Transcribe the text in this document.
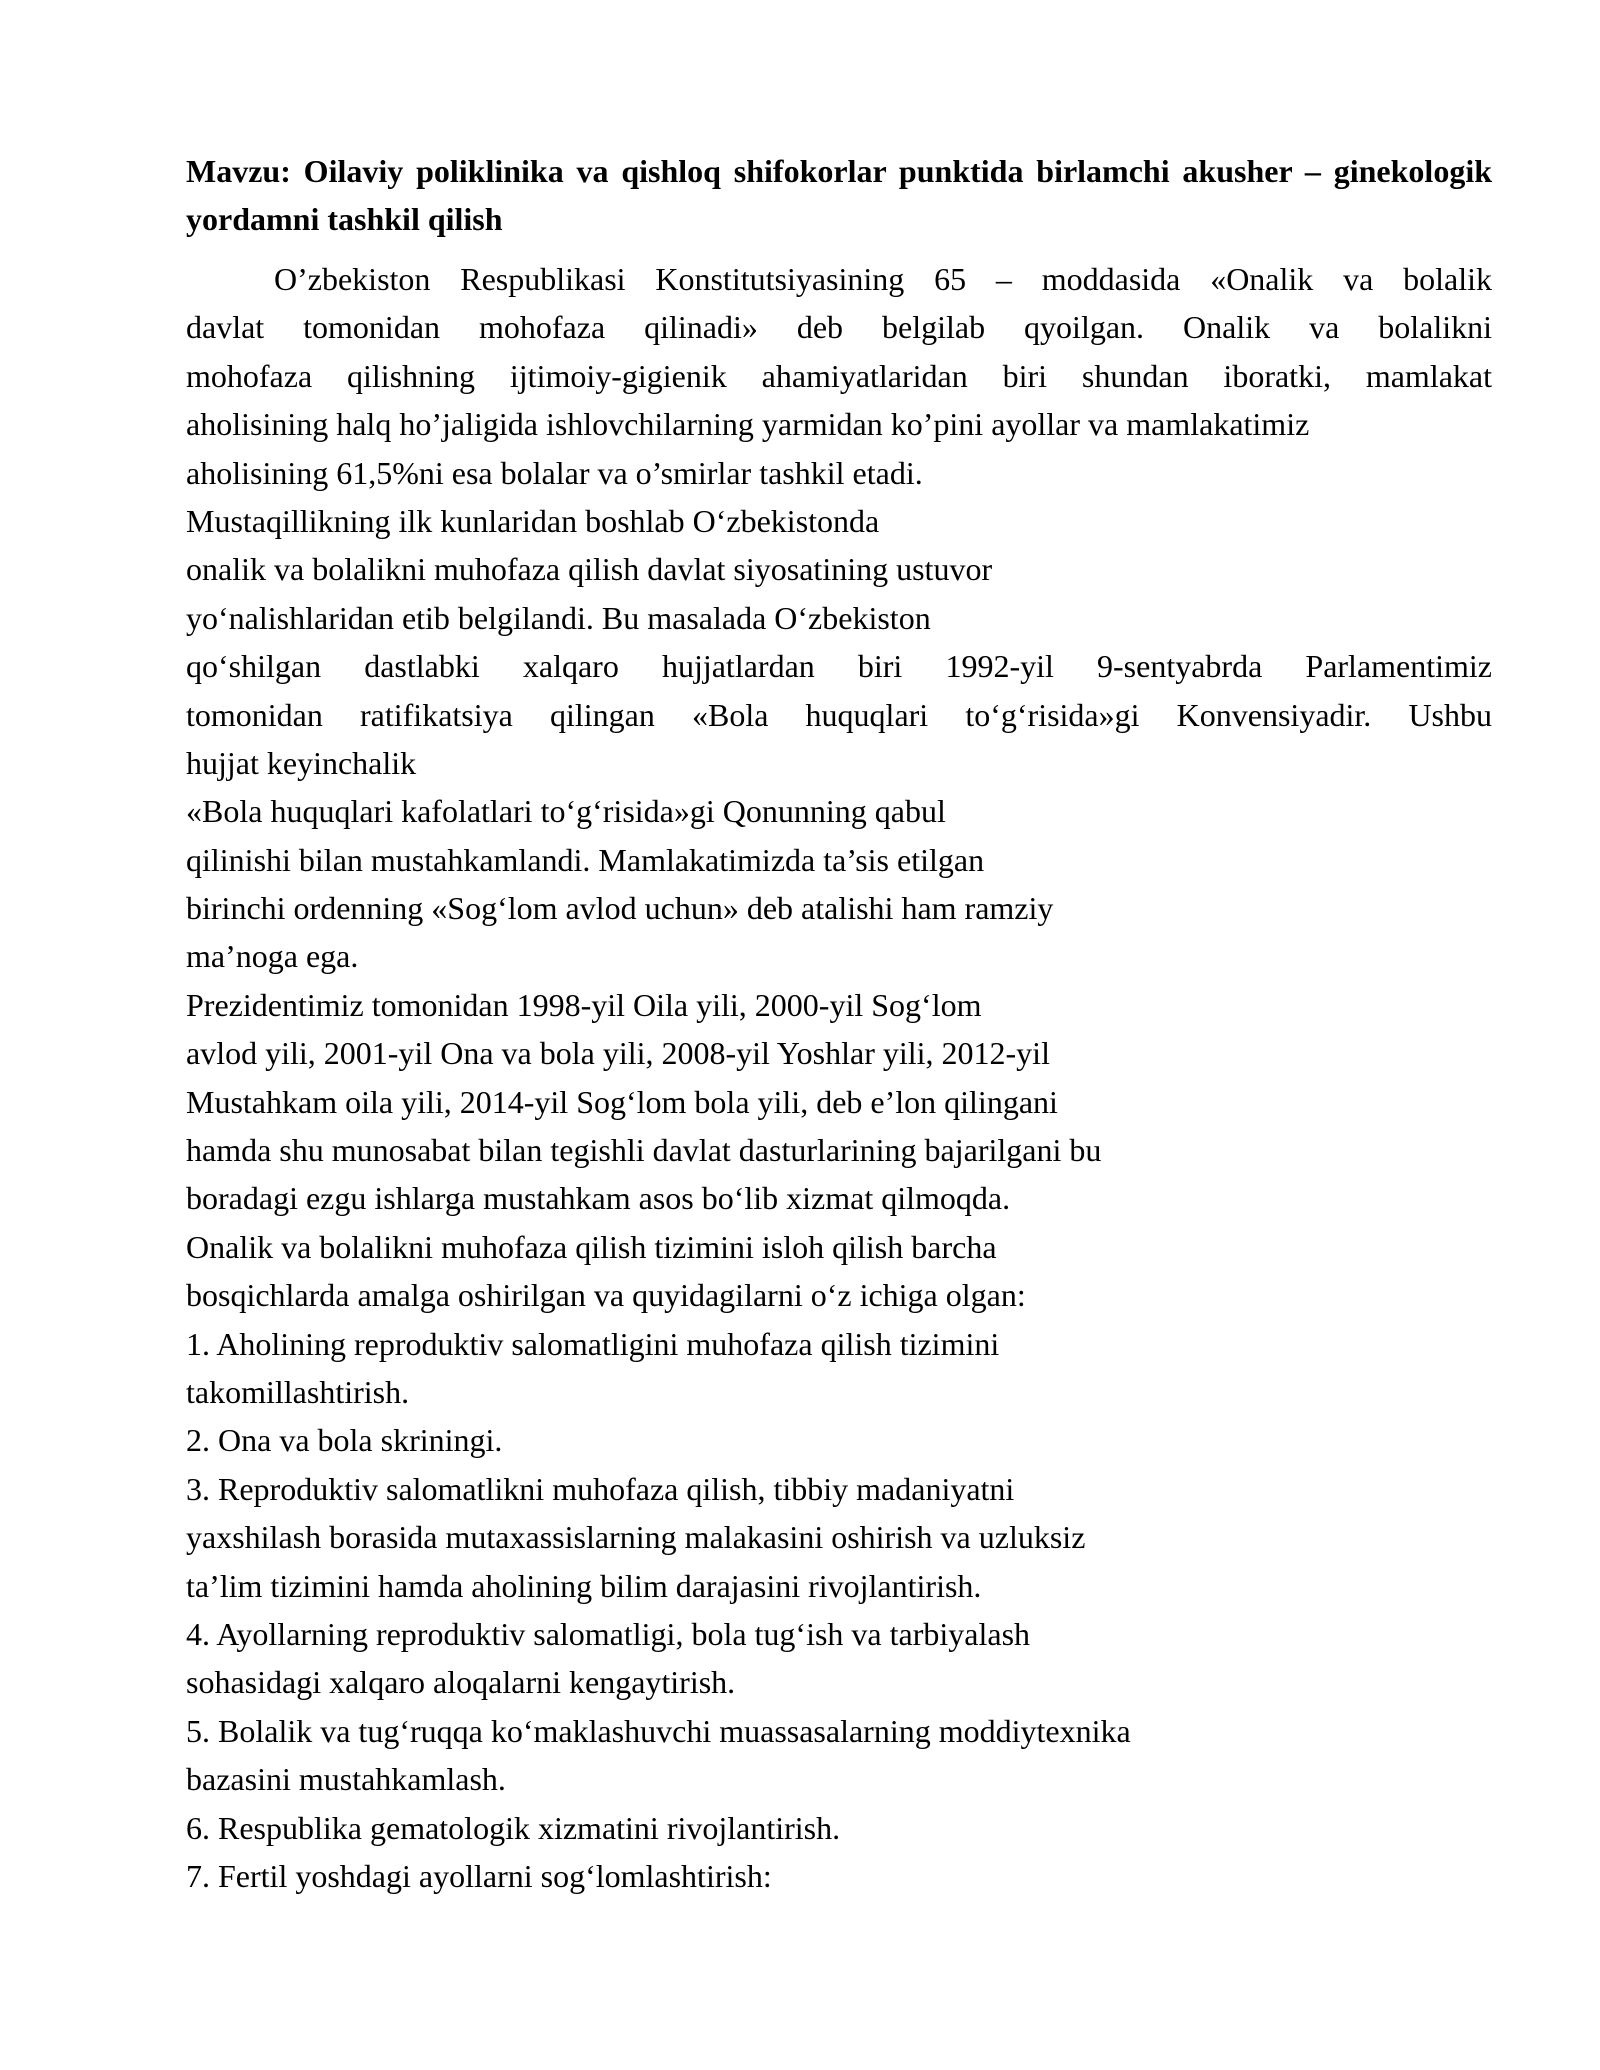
Mavzu: Oilaviy poliklinika va qishloq shifokorlar punktida birlamchi akusher – ginekologik yordamni tashkil qilish
O’zbekiston Respublikasi Konstitutsiyasining 65 – moddasida «Onalik va bolalik
davlat tomonidan mohofaza qilinadi» deb belgilab qyoilgan. Onalik va bolalikni
mohofaza qilishning ijtimoiy-gigienik ahamiyatlaridan biri shundan iboratki, mamlakat
aholisining halq ho’jaligida ishlovchilarning yarmidan ko’pini ayollar va mamlakatimiz
aholisining 61,5%ni esa bolalar va o’smirlar tashkil etadi.
Mustaqillikning ilk kunlaridan boshlab O‘zbekistonda
onalik va bolalikni muhofaza qilish davlat siyosatining ustuvor
yo‘nalishlaridan etib belgilandi. Bu masalada O‘zbekiston
qo‘shilgan dastlabki xalqaro hujjatlardan biri 1992-yil 9-sentyabrda Parlamentimiz
tomonidan ratifikatsiya qilingan «Bola huquqlari to‘g‘risida»gi Konvensiyadir. Ushbu
hujjat keyinchalik
«Bola huquqlari kafolatlari to‘g‘risida»gi Qonunning qabul
qilinishi bilan mustahkamlandi. Mamlakatimizda ta’sis etilgan
birinchi ordenning «Sog‘lom avlod uchun» deb atalishi ham ramziy
ma’noga ega.
Prezidentimiz tomonidan 1998-yil Oila yili, 2000-yil Sog‘lom
avlod yili, 2001-yil Ona va bola yili, 2008-yil Yoshlar yili, 2012-yil
Mustahkam oila yili, 2014-yil Sog‘lom bola yili, deb e’lon qilingani
hamda shu munosabat bilan tegishli davlat dasturlarining bajarilgani bu
boradagi ezgu ishlarga mustahkam asos bo‘lib xizmat qilmoqda.
Onalik va bolalikni muhofaza qilish tizimini isloh qilish barcha
bosqichlarda amalga oshirilgan va quyidagilarni o‘z ichiga olgan:
1. Aholining reproduktiv salomatligini muhofaza qilish tizimini
takomillashtirish.
2. Ona va bola skriningi.
3. Reproduktiv salomatlikni muhofaza qilish, tibbiy madaniyatni
yaxshilash borasida mutaxassislarning malakasini oshirish va uzluksiz
ta’lim tizimini hamda aholining bilim darajasini rivojlantirish.
4. Ayollarning reproduktiv salomatligi, bola tug‘ish va tarbiyalash
sohasidagi xalqaro aloqalarni kengaytirish.
5. Bolalik va tug‘ruqqa ko‘maklashuvchi muassasalarning moddiytexnika
bazasini mustahkamlash.
6. Respublika gematologik xizmatini rivojlantirish.
7. Fertil yoshdagi ayollarni sog‘lomlashtirish:
